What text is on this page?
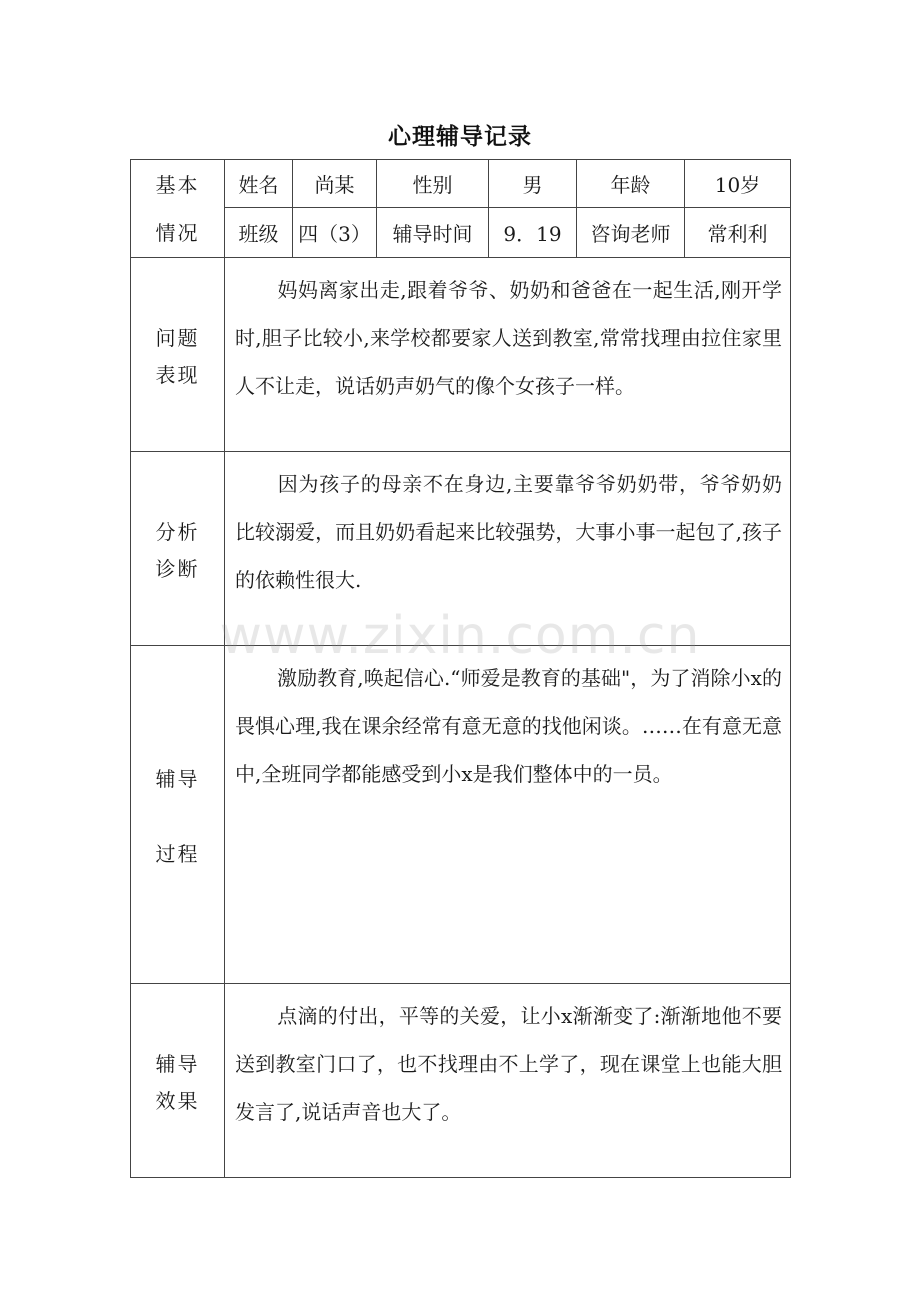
心理辅导记录
基本
情况	姓名	尚某	性别	男	年龄	10岁
	班级	四（3）	辅导时间	9．19	咨询老师	常利利

问题
表现	妈妈离家出走,跟着爷爷、奶奶和爸爸在一起生活,刚开学时,胆子比较小,来学校都要家人送到教室,常常找理由拉住家里人不让走，说话奶声奶气的像个女孩子一样。					

分析
诊断	因为孩子的母亲不在身边,主要靠爷爷奶奶带，爷爷奶奶比较溺爱，而且奶奶看起来比较强势，大事小事一起包了,孩子的依赖性很大.					

辅导
过程	激励教育,唤起信心.“师爱是教育的基础"，为了消除小x的畏惧心理,我在课余经常有意无意的找他闲谈。……在有意无意中,全班同学都能感受到小x是我们整体中的一员。					

辅导
效果	点滴的付出，平等的关爱，让小x渐渐变了:渐渐地他不要送到教室门口了，也不找理由不上学了，现在课堂上也能大胆发言了,说话声音也大了。					
www.zixin.com.cn
